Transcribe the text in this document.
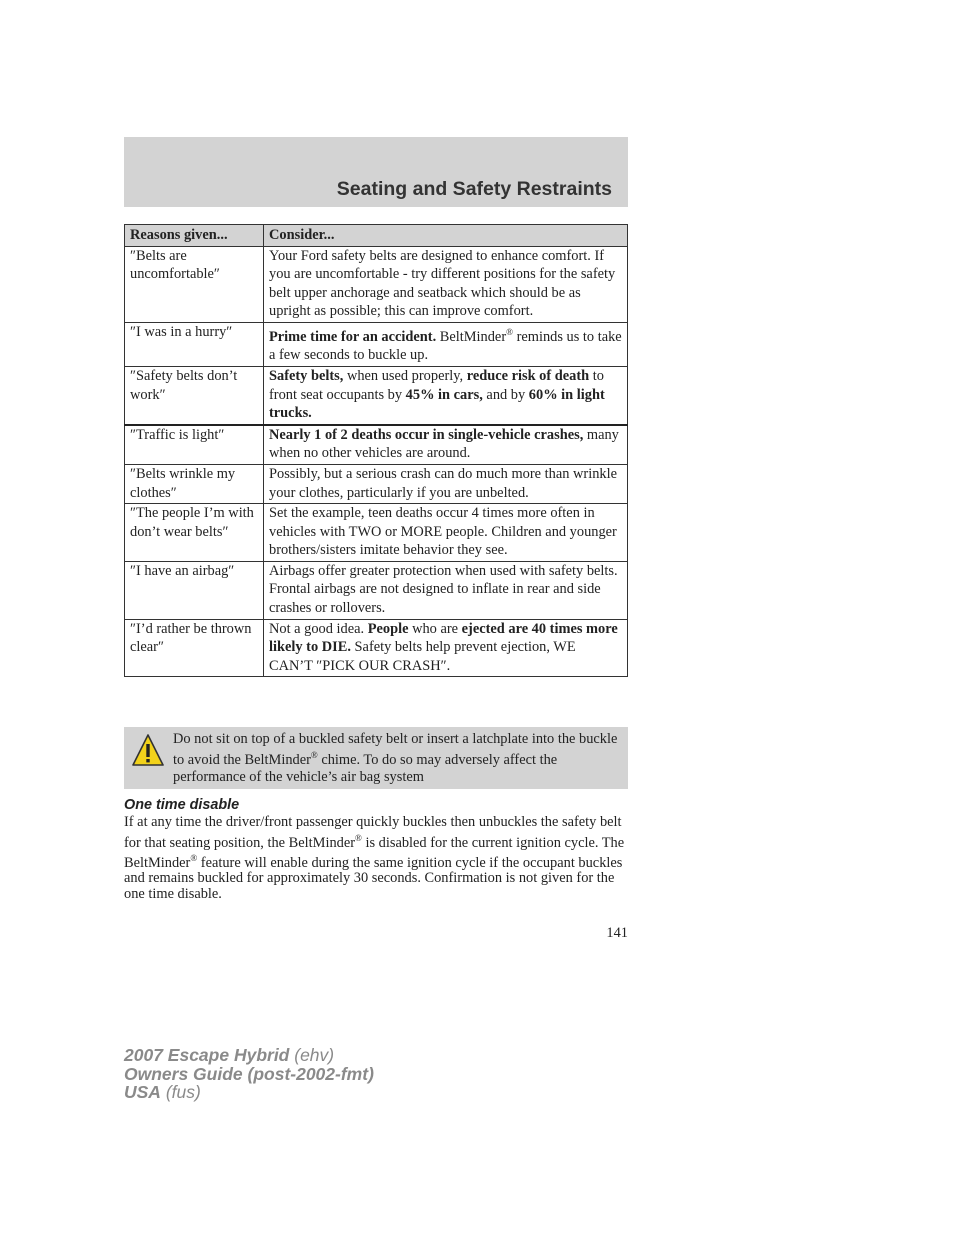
Seating and Safety Restraints
Reasons given...	Consider...
″Belts are uncomfortable″	Your Ford safety belts are designed to enhance comfort. If you are uncomfortable - try different positions for the safety belt upper anchorage and seatback which should be as upright as possible; this can improve comfort.
″I was in a hurry″	Prime time for an accident. BeltMinder® reminds us to take a few seconds to buckle up.
″Safety belts don’t work″	Safety belts, when used properly, reduce risk of death to front seat occupants by 45% in cars, and by 60% in light trucks.
″Traffic is light″	Nearly 1 of 2 deaths occur in single-vehicle crashes, many when no other vehicles are around.
″Belts wrinkle my clothes″	Possibly, but a serious crash can do much more than wrinkle your clothes, particularly if you are unbelted.
″The people I’m with don’t wear belts″	Set the example, teen deaths occur 4 times more often in vehicles with TWO or MORE people. Children and younger brothers/sisters imitate behavior they see.
″I have an airbag″	Airbags offer greater protection when used with safety belts. Frontal airbags are not designed to inflate in rear and side crashes or rollovers.
″I’d rather be thrown clear″	Not a good idea. People who are ejected are 40 times more likely to DIE. Safety belts help prevent ejection, WE CAN’T ″PICK OUR CRASH″.
Do not sit on top of a buckled safety belt or insert a latchplate into the buckle to avoid the BeltMinder® chime. To do so may adversely affect the performance of the vehicle’s air bag system
One time disable

If at any time the driver/front passenger quickly buckles then unbuckles the safety belt for that seating position, the BeltMinder® is disabled for the current ignition cycle. The BeltMinder® feature will enable during the same ignition cycle if the occupant buckles and remains buckled for approximately 30 seconds. Confirmation is not given for the one time disable.

141
2007 Escape Hybrid (ehv)
Owners Guide (post-2002-fmt)
USA (fus)
